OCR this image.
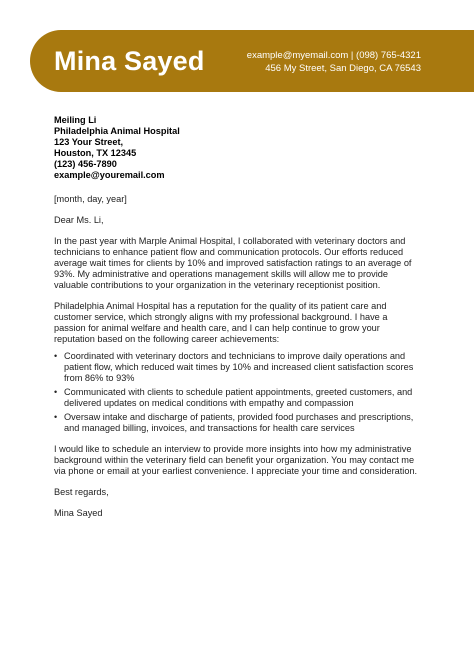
Mina Sayed	example@myemail.com | (098) 765-4321
456 My Street, San Diego, CA 76543
Meiling Li
Philadelphia Animal Hospital
123 Your Street,
Houston, TX 12345
(123) 456-7890
example@youremail.com

[month, day, year]

Dear Ms. Li,

In the past year with Marple Animal Hospital, I collaborated with veterinary doctors and technicians to enhance patient flow and communication protocols. Our efforts reduced average wait times for clients by 10% and improved satisfaction ratings to an average of 93%. My administrative and operations management skills will allow me to provide valuable contributions to your organization in the veterinary receptionist position.

Philadelphia Animal Hospital has a reputation for the quality of its patient care and customer service, which strongly aligns with my professional background. I have a passion for animal welfare and health care, and I can help continue to grow your reputation based on the following career achievements:

• Coordinated with veterinary doctors and technicians to improve daily operations and patient flow, which reduced wait times by 10% and increased client satisfaction scores from 86% to 93%
• Communicated with clients to schedule patient appointments, greeted customers, and delivered updates on medical conditions with empathy and compassion
• Oversaw intake and discharge of patients, provided food purchases and prescriptions, and managed billing, invoices, and transactions for health care services

I would like to schedule an interview to provide more insights into how my administrative background within the veterinary field can benefit your organization. You may contact me via phone or email at your earliest convenience. I appreciate your time and consideration.

Best regards,

Mina Sayed
